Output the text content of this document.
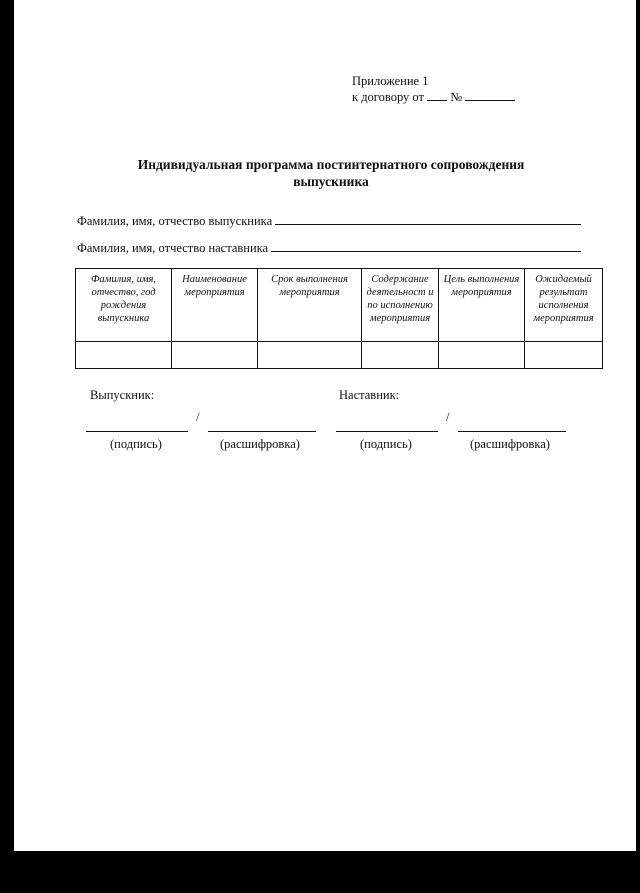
Приложение 1
к договору от №
Индивидуальная программа постинтернатного сопровождения
выпускника
Фамилия, имя, отчество выпускника
Фамилия, имя, отчество наставника
Фамилия, имя, отчество, год рождения выпускника	Наименование мероприятия	Срок выполнения мероприятия	Содержание деятельност и по исполнению мероприятия	Цель выполнения мероприятия	Ожидаемый результат исполнения мероприятия

Выпускник:	Наставник:
/	/
(подпись)	(расшифровка)	(подпись)	(расшифровка)
